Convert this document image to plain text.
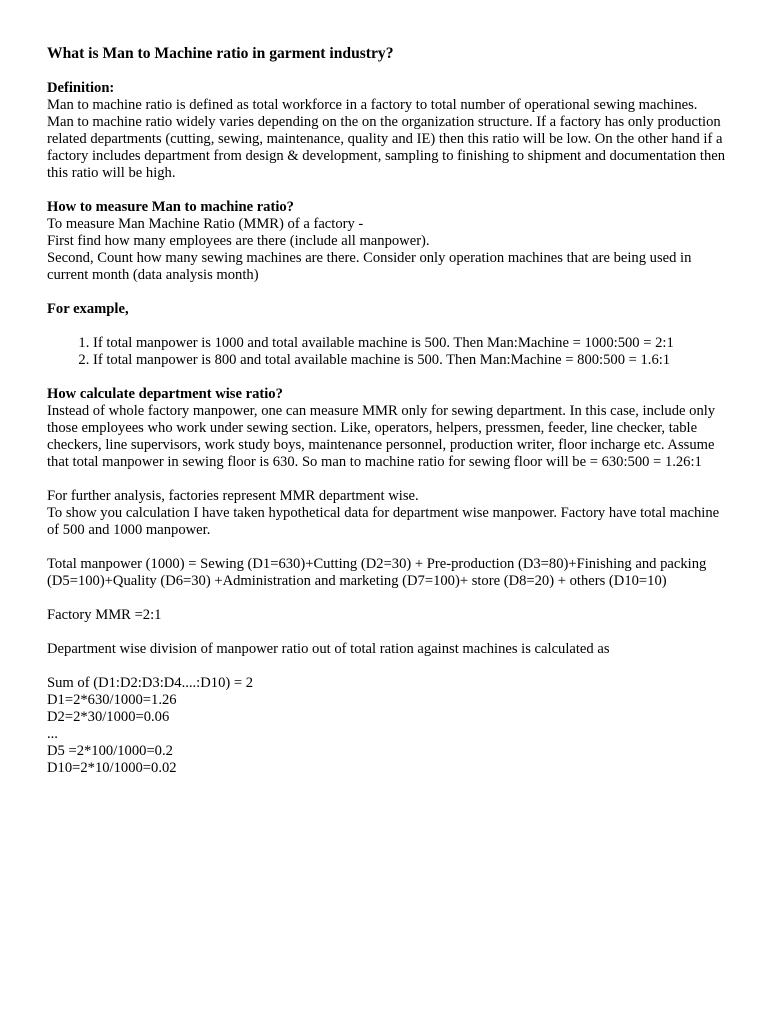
What is Man to Machine ratio in garment industry?

Definition:

Man to machine ratio is defined as total workforce in a factory to total number of operational sewing machines.

Man to machine ratio widely varies depending on the on the organization structure. If a factory has only production related departments (cutting, sewing, maintenance, quality and IE) then this ratio will be low. On the other hand if a factory includes department from design & development, sampling to finishing to shipment and documentation then this ratio will be high.

How to measure Man to machine ratio?

To measure Man Machine Ratio (MMR) of a factory -

First find how many employees are there (include all manpower).

Second, Count how many sewing machines are there. Consider only operation machines that are being used in current month (data analysis month)

For example,

1. If total manpower is 1000 and total available machine is 500. Then Man:Machine = 1000:500 = 2:1
2. If total manpower is 800 and total available machine is 500. Then Man:Machine = 800:500 = 1.6:1

How calculate department wise ratio?

Instead of whole factory manpower, one can measure MMR only for sewing department. In this case, include only those employees who work under sewing section. Like, operators, helpers, pressmen, feeder, line checker, table checkers, line supervisors, work study boys, maintenance personnel, production writer, floor incharge etc. Assume that total manpower in sewing floor is 630. So man to machine ratio for sewing floor will be = 630:500 = 1.26:1

For further analysis, factories represent MMR department wise.

To show you calculation I have taken hypothetical data for department wise manpower. Factory have total machine of 500 and 1000 manpower.

Total manpower (1000) = Sewing (D1=630)+Cutting (D2=30) + Pre-production (D3=80)+Finishing and packing (D5=100)+Quality (D6=30) +Administration and marketing (D7=100)+ store (D8=20) + others (D10=10)

Factory MMR =2:1

Department wise division of manpower ratio out of total ration against machines is calculated as

Sum of (D1:D2:D3:D4....:D10) = 2

D1=2*630/1000=1.26

D2=2*30/1000=0.06

...

D5 =2*100/1000=0.2

D10=2*10/1000=0.02
